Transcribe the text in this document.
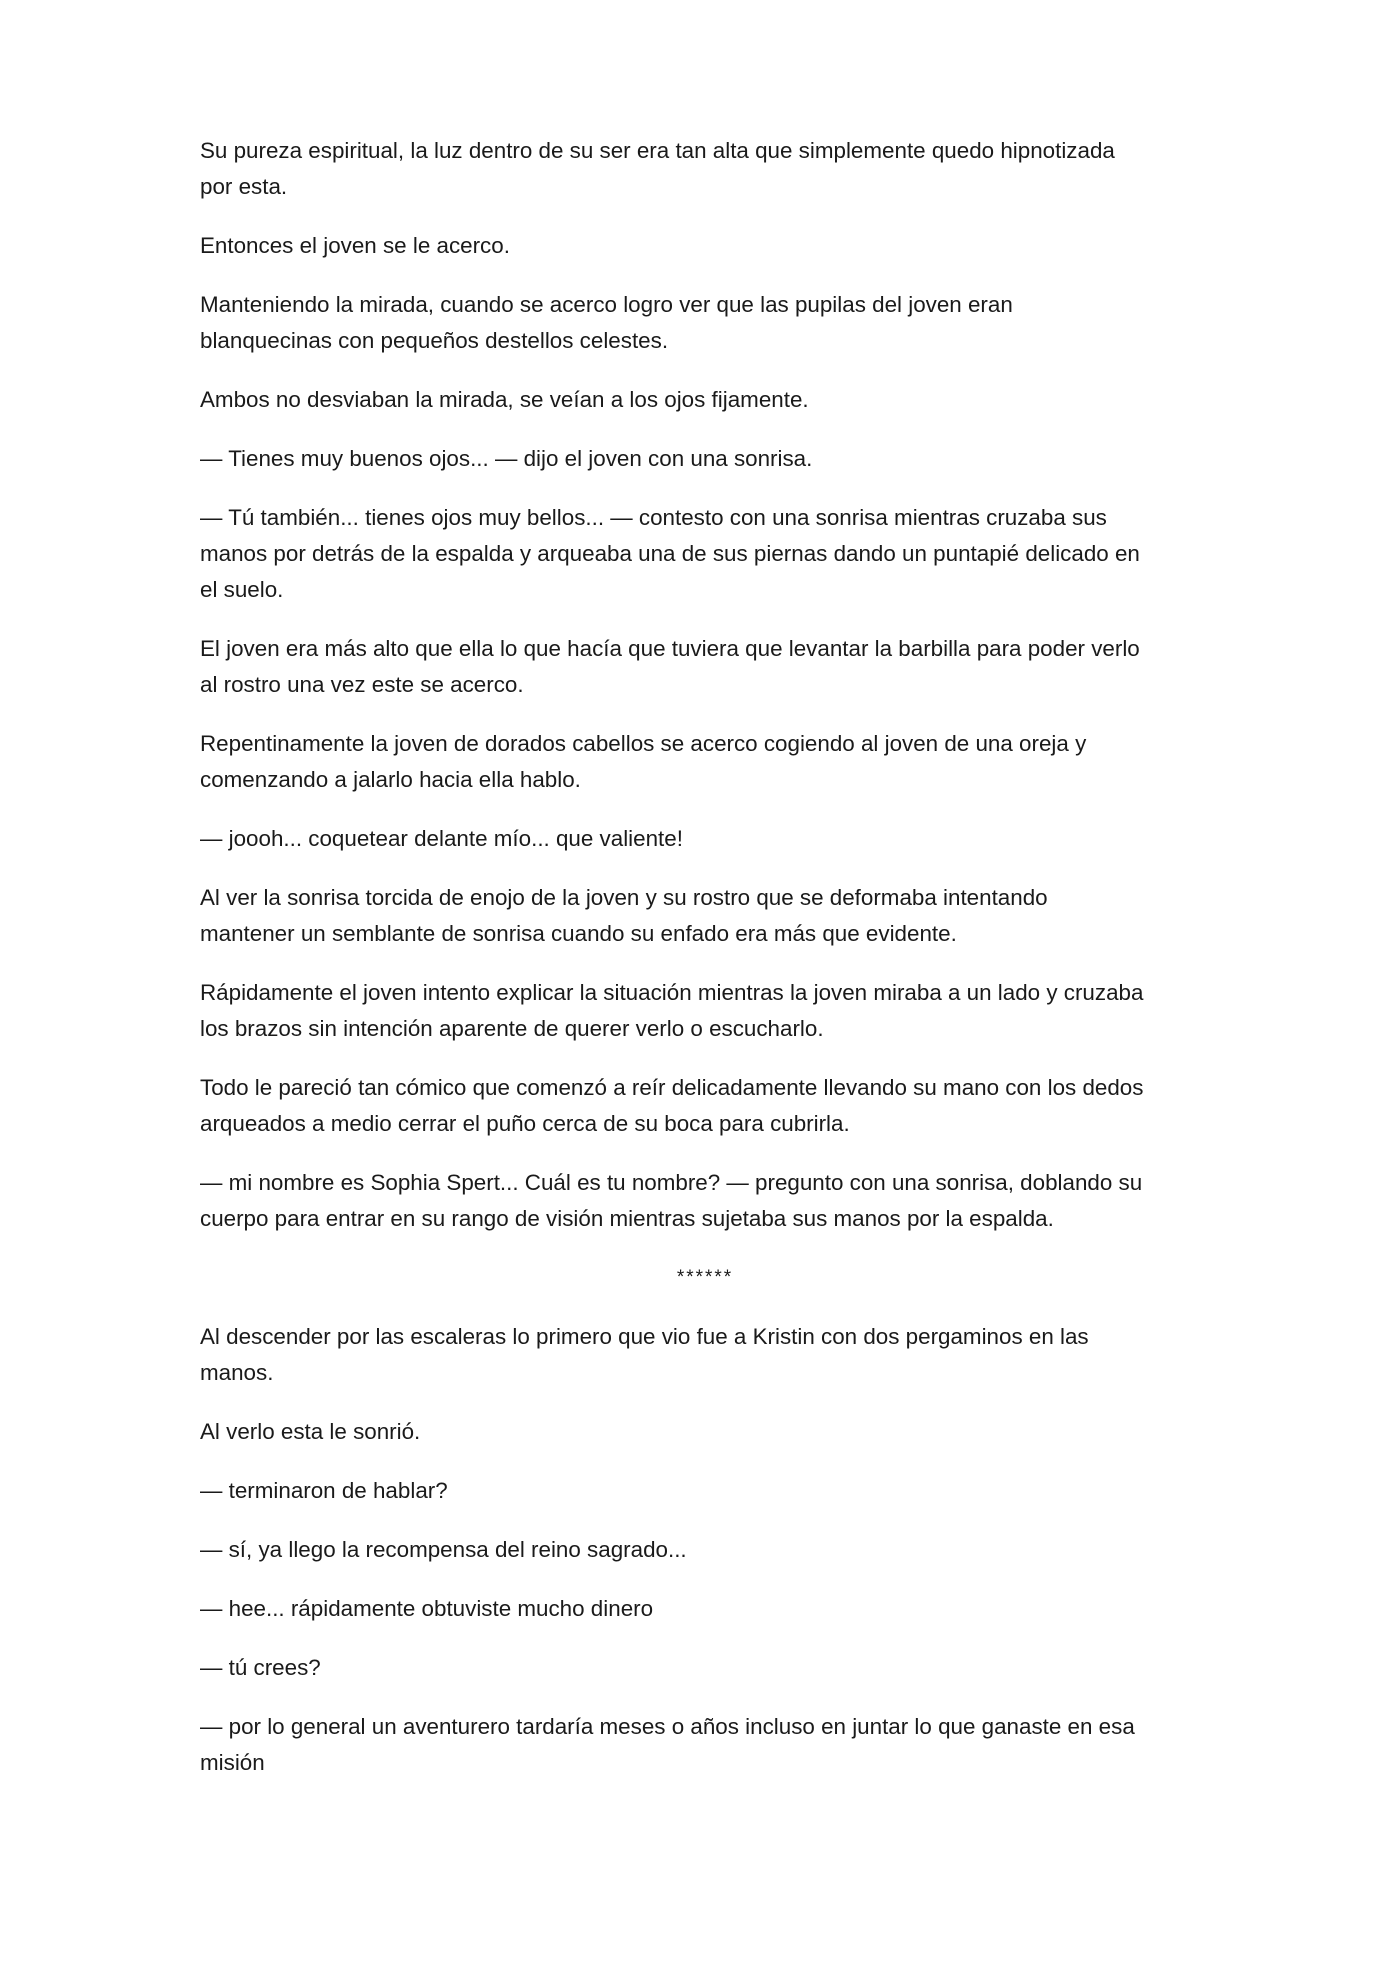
Su pureza espiritual, la luz dentro de su ser era tan alta que simplemente quedo hipnotizada
por esta.

Entonces el joven se le acerco.

Manteniendo la mirada, cuando se acerco logro ver que las pupilas del joven eran
blanquecinas con pequeños destellos celestes.

Ambos no desviaban la mirada, se veían a los ojos fijamente.

— Tienes muy buenos ojos... — dijo el joven con una sonrisa.

— Tú también... tienes ojos muy bellos... — contesto con una sonrisa mientras cruzaba sus
manos por detrás de la espalda y arqueaba una de sus piernas dando un puntapié delicado en
el suelo.

El joven era más alto que ella lo que hacía que tuviera que levantar la barbilla para poder verlo
al rostro una vez este se acerco.

Repentinamente la joven de dorados cabellos se acerco cogiendo al joven de una oreja y
comenzando a jalarlo hacia ella hablo.

— joooh... coquetear delante mío... que valiente!

Al ver la sonrisa torcida de enojo de la joven y su rostro que se deformaba intentando
mantener un semblante de sonrisa cuando su enfado era más que evidente.

Rápidamente el joven intento explicar la situación mientras la joven miraba a un lado y cruzaba
los brazos sin intención aparente de querer verlo o escucharlo.

Todo le pareció tan cómico que comenzó a reír delicadamente llevando su mano con los dedos
arqueados a medio cerrar el puño cerca de su boca para cubrirla.

— mi nombre es Sophia Spert... Cuál es tu nombre? — pregunto con una sonrisa, doblando su
cuerpo para entrar en su rango de visión mientras sujetaba sus manos por la espalda.

******

Al descender por las escaleras lo primero que vio fue a Kristin con dos pergaminos en las
manos.

Al verlo esta le sonrió.

— terminaron de hablar?

— sí, ya llego la recompensa del reino sagrado...

— hee... rápidamente obtuviste mucho dinero

— tú crees?

— por lo general un aventurero tardaría meses o años incluso en juntar lo que ganaste en esa
misión
